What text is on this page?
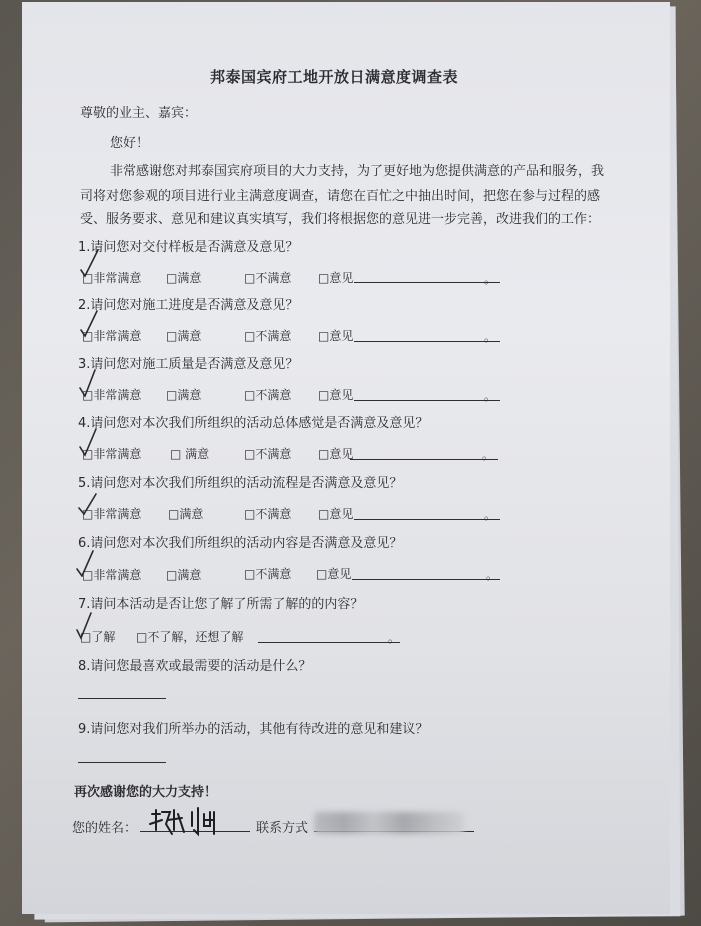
邦泰国宾府工地开放日满意度调查表
尊敬的业主、嘉宾：
您好！
非常感谢您对邦泰国宾府项目的大力支持，为了更好地为您提供满意的产品和服务，我
司将对您参观的项目进行业主满意度调查，请您在百忙之中抽出时间，把您在参与过程的感
受、服务要求、意见和建议真实填写，我们将根据您的意见进一步完善，改进我们的工作：
1.请问您对交付样板是否满意及意见？
□非常满意 □满意	□不满意 □意见	。
2.请问您对施工进度是否满意及意见？
□非常满意 □满意	□不满意 □意见	。
3.请问您对施工质量是否满意及意见？
□非常满意 □满意	□不满意 □意见	。
4.请问您对本次我们所组织的活动总体感觉是否满意及意见？
□非常满意 □ 满意	□不满意 □意见	。
5.请问您对本次我们所组织的活动流程是否满意及意见？
□非常满意 □满意	□不满意 □意见	。
6.请问您对本次我们所组织的活动内容是否满意及意见？
□非常满意 □满意	□不满意 □意见	。
7.请问本活动是否让您了解了所需了解的的内容？
□了解 □不了解，还想了解	。
8.请问您最喜欢或最需要的活动是什么？
9.请问您对我们所举办的活动，其他有待改进的意见和建议？
再次感谢您的大力支持！
您的姓名：	联系方式
